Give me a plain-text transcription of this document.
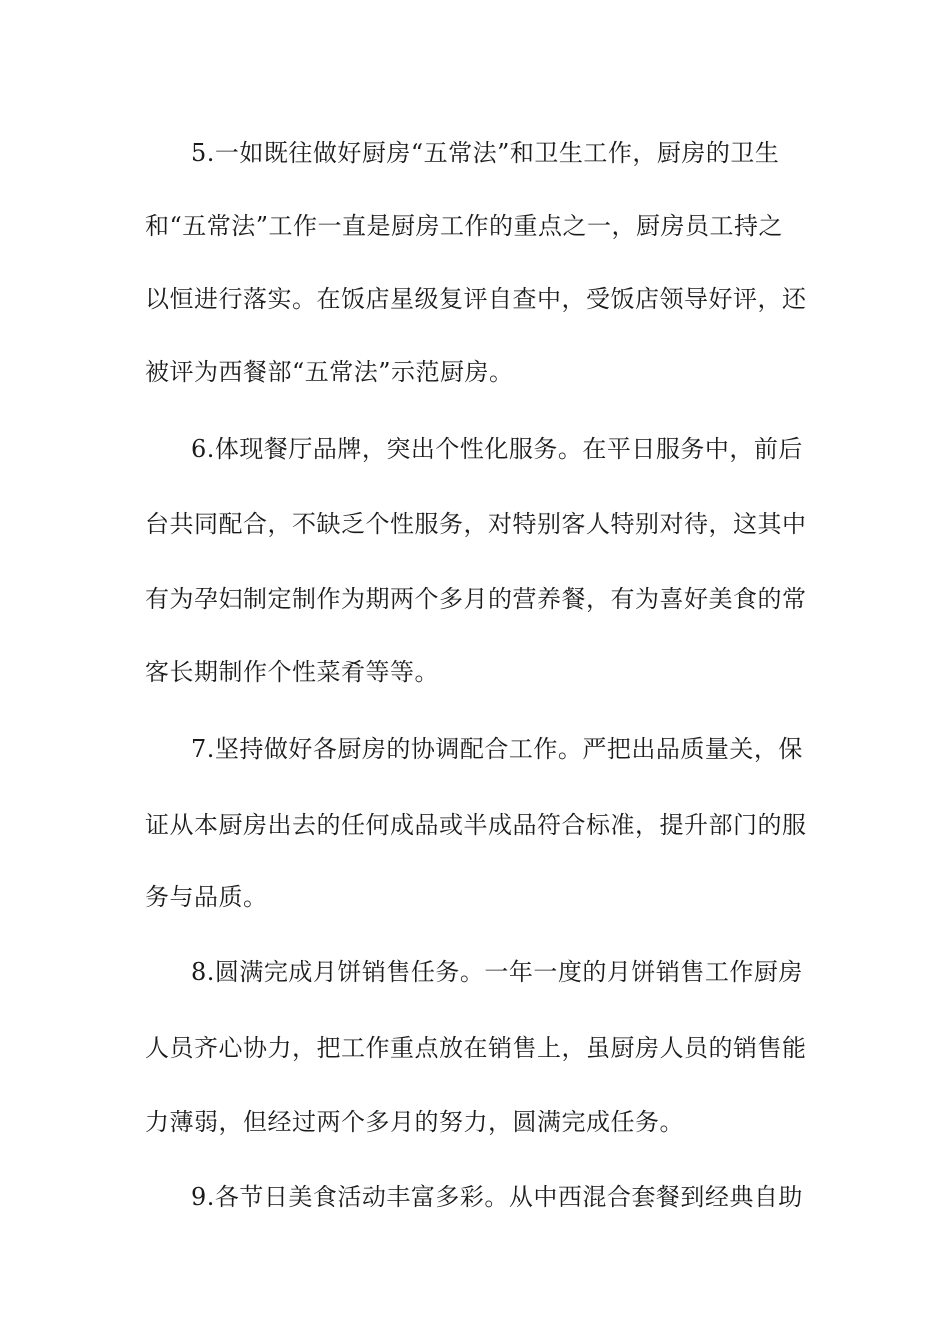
5.一如既往做好厨房“五常法”和卫生工作，厨房的卫生
和“五常法”工作一直是厨房工作的重点之一，厨房员工持之
以恒进行落实。在饭店星级复评自查中，受饭店领导好评，还
被评为西餐部“五常法”示范厨房。
6.体现餐厅品牌，突出个性化服务。在平日服务中，前后
台共同配合，不缺乏个性服务，对特别客人特别对待，这其中
有为孕妇制定制作为期两个多月的营养餐，有为喜好美食的常
客长期制作个性菜肴等等。
7.坚持做好各厨房的协调配合工作。严把出品质量关，保
证从本厨房出去的任何成品或半成品符合标准，提升部门的服
务与品质。
8.圆满完成月饼销售任务。一年一度的月饼销售工作厨房
人员齐心协力，把工作重点放在销售上，虽厨房人员的销售能
力薄弱，但经过两个多月的努力，圆满完成任务。
9.各节日美食活动丰富多彩。从中西混合套餐到经典自助
